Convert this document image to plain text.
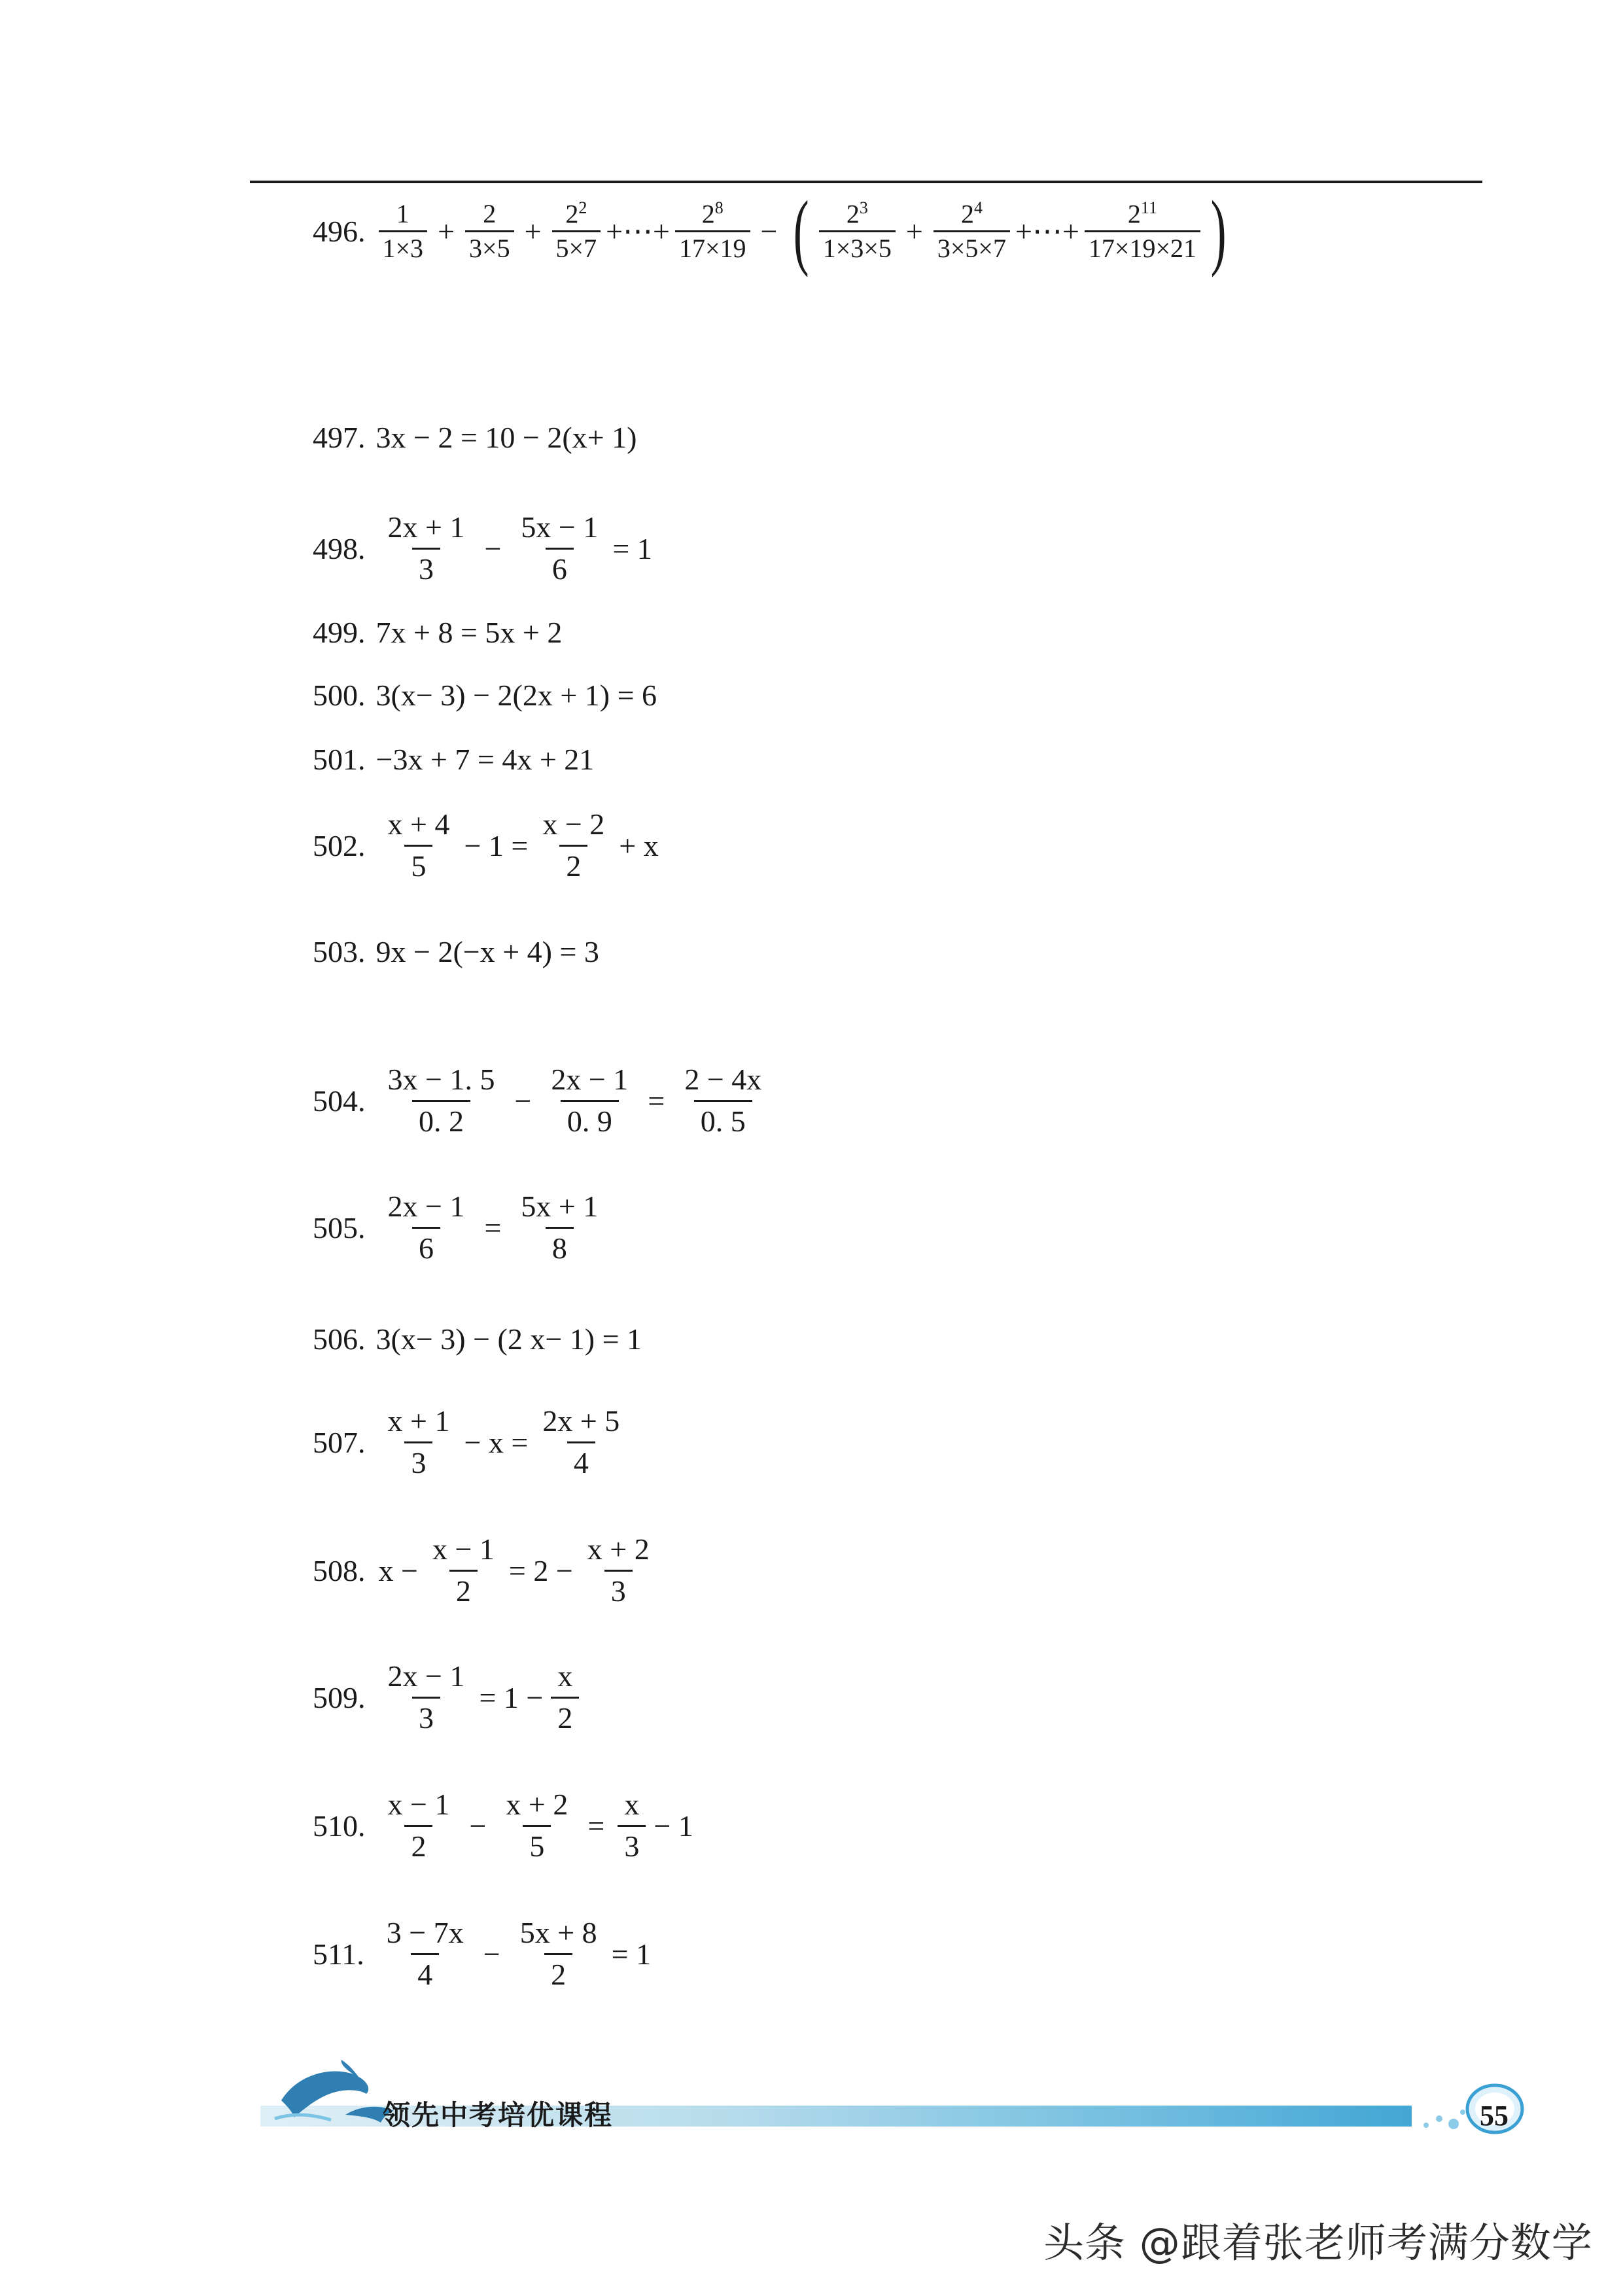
496. $\frac{1}{1\times 3} + \frac{2}{3\times 5} + \frac{2^2}{5\times 7}$ +⋯+ $\frac{2^8}{17\times 19}$ − ( $\frac{2^3}{1\times 3\times 5} + \frac{2^4}{3\times 5\times 7}$ +⋯+ $\frac{2^{11}}{17\times 19\times 21}$ )
497. 3x − 2 = 10 − 2(x+ 1)
498. $\frac{2x + 1}{3} - \frac{5x - 1}{6} = 1$
499. 7x + 8 = 5x + 2
500. 3(x− 3) − 2(2x + 1) = 6
501. −3x + 7 = 4x + 21
502. $\frac{x + 4}{5} - 1 = \frac{x - 2}{2} + x$
503. 9x − 2(−x + 4) = 3
504. $\frac{3x - 1. 5}{0. 2} - \frac{2x - 1}{0. 9} = \frac{2 - 4x}{0. 5}$
505. $\frac{2x - 1}{6} = \frac{5x + 1}{8}$
506. 3(x− 3) − (2 x− 1) = 1
507. $\frac{x + 1}{3} - x = \frac{2x + 5}{4}$
508. $x - \frac{x - 1}{2} = 2 - \frac{x + 2}{3}$
509. $\frac{2x - 1}{3} = 1 - \frac{x}{2}$
510. $\frac{x - 1}{2} - \frac{x + 2}{5} = \frac{x}{3} - 1$
511. $\frac{3 - 7x}{4} - \frac{5x + 8}{2} = 1$
领先中考培优课程	55
头条 @跟着张老师考满分数学
